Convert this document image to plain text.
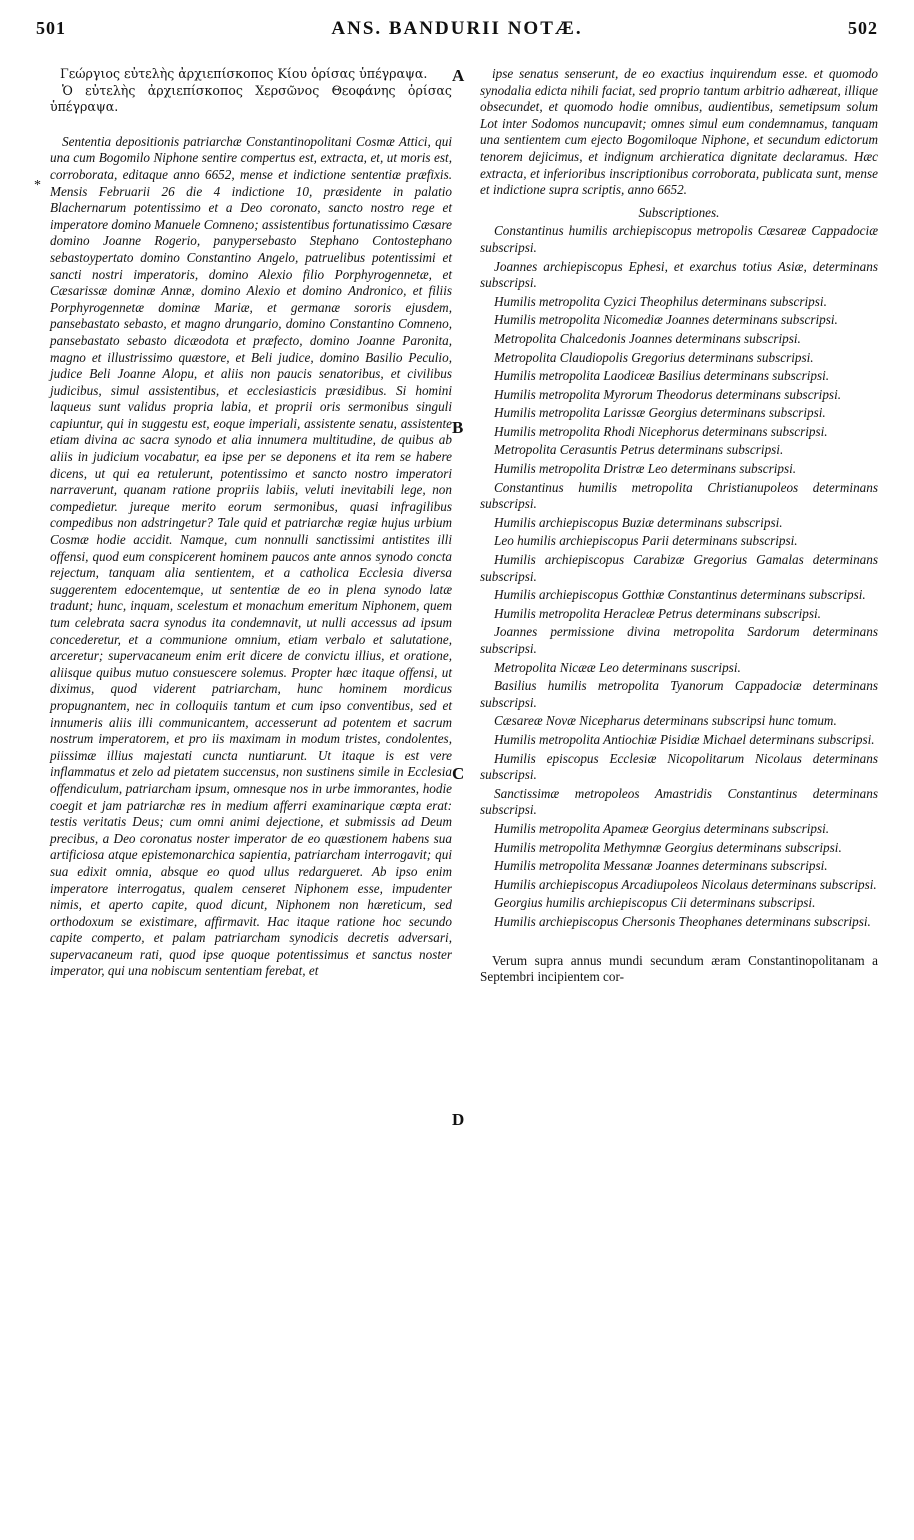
501	ANS. BANDURII NOTÆ.	502
*
A
B
C
D

Γεώργιος εὐτελὴς ἀρχιεπίσκοπος Κίου ὁρίσας ὑπέγραψα.

Ὁ εὐτελὴς ἀρχιεπίσκοπος Χερσῶνος Θεοφάνης ὁρίσας ὑπέγραψα.

Sententia depositionis patriarchæ Constantinopolitani Cosmæ Attici, qui una cum Bogomilo Niphone sentire compertus est, extracta, et, ut moris est, corroborata, editaque anno 6652, mense et indictione sententiæ præfixis. Mensis Februarii 26 die 4 indictione 10, præsidente in palatio Blachernarum potentissimo et a Deo coronato, sancto nostro rege et imperatore domino Manuele Comneno; assistentibus fortunatissimo Cæsare domino Joanne Rogerio, panypersebasto Stephano Contostephano sebastoypertato domino Constantino Angelo, patruelibus potentissimi et sancti nostri imperatoris, domino Alexio filio Porphyrogennetæ, et Cæsarissæ dominæ Annæ, domino Alexio et domino Andronico, et filiis Porphyrogennetæ dominæ Mariæ, et germanæ sororis ejusdem, pansebastato sebasto, et magno drungario, domino Constantino Comneno, pansebastato sebasto dicæodota et præfecto, domino Joanne Paronita, magno et illustrissimo quæstore, et Beli judice, domino Basilio Peculio, judice Beli Joanne Alopu, et aliis non paucis senatoribus, et civilibus judicibus, simul assistentibus, et ecclesiasticis præsidibus. Si homini laqueus sunt validus propria labia, et proprii oris sermonibus singuli capiuntur, qui in suggestu est, eoque imperiali, assistente senatu, assistente etiam divina ac sacra synodo et alia innumera multitudine, de quibus ab aliis in judicium vocabatur, ea ipse per se deponens et ita rem se habere dicens, ut qui ea retulerunt, potentissimo et sancto nostro imperatori narraverunt, quanam ratione propriis labiis, veluti inevitabili lege, non compedietur. jureque merito eorum sermonibus, quasi infragilibus compedibus non adstringetur? Tale quid et patriarchæ regiæ hujus urbium Cosmæ hodie accidit. Namque, cum nonnulli sanctissimi antistites illi offensi, quod eum conspicerent hominem paucos ante annos synodo concta rejectum, tanquam alia sentientem, et a catholica Ecclesia diversa suggerentem edocentemque, ut sententiæ de eo in plena synodo latæ tradunt; hunc, inquam, scelestum et monachum emeritum Niphonem, quem tum celebrata sacra synodus ita condemnavit, ut nulli accessus ad ipsum concederetur, et a communione omnium, etiam verbalo et salutatione, arceretur; supervacaneum enim erit dicere de convictu illius, et oratione, aliisque quibus mutuo consuescere solemus. Propter hæc itaque offensi, ut diximus, quod viderent patriarcham, hunc hominem mordicus propugnantem, nec in colloquiis tantum et cum ipso conventibus, sed et innumeris aliis illi communicantem, accesserunt ad potentem et sacrum nostrum imperatorem, et pro iis maximam in modum tristes, condolentes, piissimæ illius majestati cuncta nuntiarunt. Ut itaque is est vere inflammatus et zelo ad pietatem succensus, non sustinens simile in Ecclesia offendiculum, patriarcham ipsum, omnesque nos in urbe immorantes, hodie coegit et jam patriarchæ res in medium afferri examinarique cœpta erat: testis veritatis Deus; cum omni animi dejectione, et submissis ad Deum precibus, a Deo coronatus noster imperator de eo quæstionem habens sua artificiosa atque epistemonarchica sapientia, patriarcham interrogavit; qui sua edixit omnia, absque eo quod ullus redargueret. Ab ipso enim imperatore interrogatus, qualem censeret Niphonem esse, impudenter nimis, et aperto capite, quod dicunt, Niphonem non hæreticum, sed orthodoxum se existimare, affirmavit. Hac itaque ratione hoc secundo capite comperto, et palam patriarcham synodicis decretis adversari, supervacaneum rati, quod ipse quoque potentissimus et sanctus noster imperator, qui una nobiscum sententiam ferebat, et

ipse senatus senserunt, de eo exactius inquirendum esse. et quomodo synodalia edicta nihili faciat, sed proprio tantum arbitrio adhæreat, illique obsecundet, et quomodo hodie omnibus, audientibus, semetipsum solum Lot inter Sodomos nuncupavit; omnes simul eum condemnamus, tanquam una sentientem cum ejecto Bogomiloque Niphone, et secundum edictorum tenorem dejicimus, et indignum archieratica dignitate declaramus. Hæc extracta, et inferioribus inscriptionibus corroborata, publicata sunt, mense et indictione supra scriptis, anno 6652.

Subscriptiones.

Constantinus humilis archiepiscopus metropolis Cæsareæ Cappadociæ subscripsi.

Joannes archiepiscopus Ephesi, et exarchus totius Asiæ, determinans subscripsi.

Humilis metropolita Cyzici Theophilus determinans subscripsi.

Humilis metropolita Nicomediæ Joannes determinans subscripsi.

Metropolita Chalcedonis Joannes determinans subscripsi.

Metropolita Claudiopolis Gregorius determinans subscripsi.

Humilis metropolita Laodiceæ Basilius determinans subscripsi.

Humilis metropolita Myrorum Theodorus determinans subscripsi.

Humilis metropolita Larissæ Georgius determinans subscripsi.

Humilis metropolita Rhodi Nicephorus determinans subscripsi.

Metropolita Cerasuntis Petrus determinans subscripsi.

Humilis metropolita Dristræ Leo determinans subscripsi.

Constantinus humilis metropolita Christianupoleos determinans subscripsi.

Humilis archiepiscopus Buziæ determinans subscripsi.

Leo humilis archiepiscopus Parii determinans subscripsi.

Humilis archiepiscopus Carabizæ Gregorius Gamalas determinans subscripsi.

Humilis archiepiscopus Gotthiæ Constantinus determinans subscripsi.

Humilis metropolita Heracleæ Petrus determinans subscripsi.

Joannes permissione divina metropolita Sardorum determinans subscripsi.

Metropolita Nicææ Leo determinans suscripsi.

Basilius humilis metropolita Tyanorum Cappadociæ determinans subscripsi.

Cæsareæ Novæ Nicepharus determinans subscripsi hunc tomum.

Humilis metropolita Antiochiæ Pisidiæ Michael determinans subscripsi.

Humilis episcopus Ecclesiæ Nicopolitarum Nicolaus determinans subscripsi.

Sanctissimæ metropoleos Amastridis Constantinus determinans subscripsi.

Humilis metropolita Apameæ Georgius determinans subscripsi.

Humilis metropolita Methymnæ Georgius determinans subscripsi.

Humilis metropolita Messanæ Joannes determinans subscripsi.

Humilis archiepiscopus Arcadiupoleos Nicolaus determinans subscripsi.

Georgius humilis archiepiscopus Cii determinans subscripsi.

Humilis archiepiscopus Chersonis Theophanes determinans subscripsi.

Verum supra annus mundi secundum æram Constantinopolitanam a Septembri incipientem cor-
